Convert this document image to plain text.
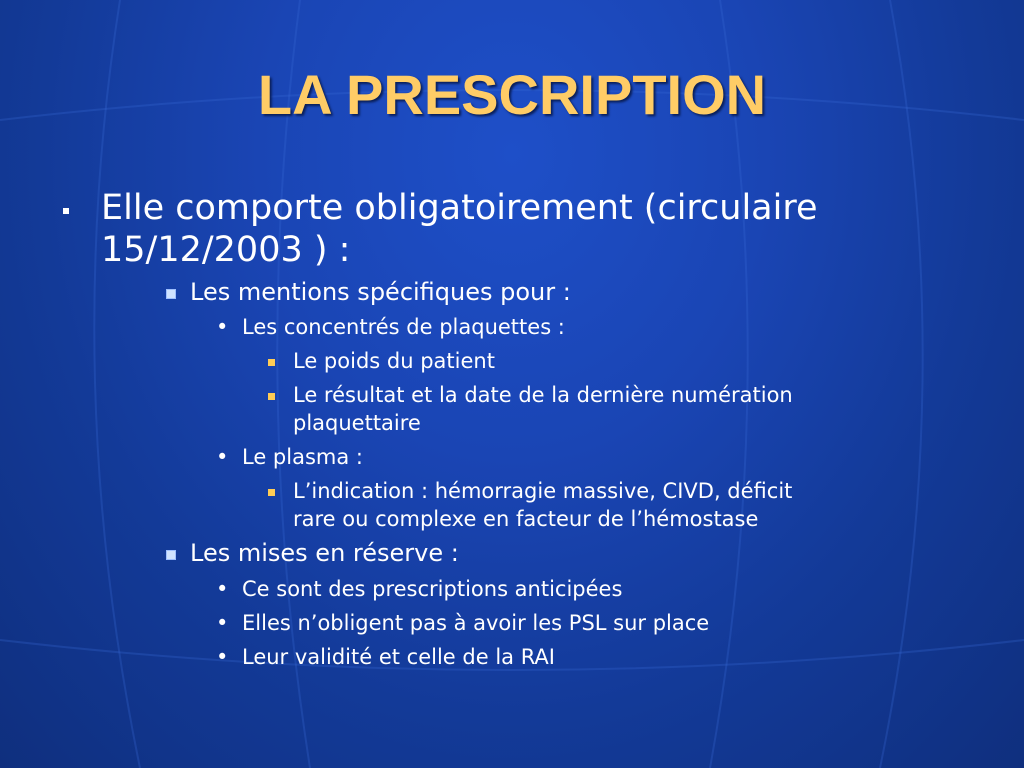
LA PRESCRIPTION
Elle comporte obligatoirement (circulaire
15/12/2003 ) :
Les mentions spécifiques pour :
• Les concentrés de plaquettes :
Le poids du patient
Le résultat et la date de la dernière numération
plaquettaire
• Le plasma :
L’indication : hémorragie massive, CIVD, déficit
rare ou complexe en facteur de l’hémostase
Les mises en réserve :
• Ce sont des prescriptions anticipées
• Elles n’obligent pas à avoir les PSL sur place
• Leur validité et celle de la RAI
